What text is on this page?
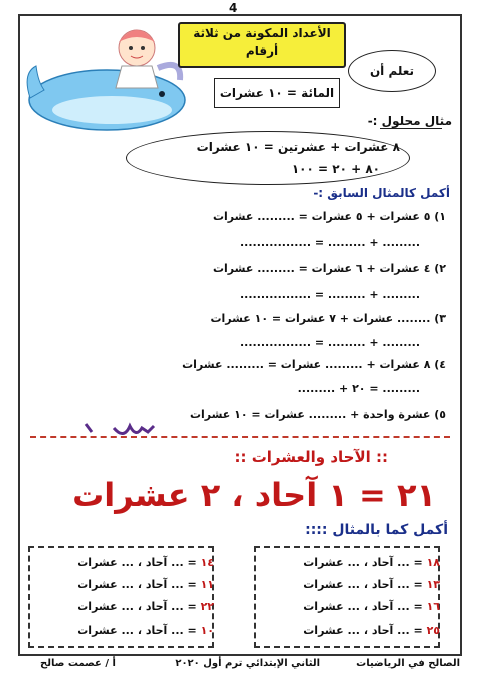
4
الأعداد المكونة من ثلاثة
أرقام
تعلم أن
المائة = ١٠ عشرات
مثال محلول :-
٨ عشرات + عشرتين = ١٠ عشرات
٨٠ + ٢٠ = ١٠٠
أكمل كالمثال السابق :-
١) ٥ عشرات + ٥ عشرات = ......... عشرات
......... + ......... = .................
٢) ٤ عشرات + ٦ عشرات = ......... عشرات
......... + ......... = .................
٣) ........ عشرات + ٧ عشرات = ١٠ عشرات
......... + ......... = .................
٤) ٨ عشرات + ......... عشرات = ......... عشرات
......... = ٢٠ + .........
٥) عشرة واحدة + ......... عشرات = ١٠ عشرات
:: الآحاد والعشرات ::
٢١ = ١ آحاد ، ٢ عشرات
أكمل كما بالمثال ::::
١٨ = ... آحاد ، ... عشرات
١٣ = ... آحاد ، ... عشرات
١٦ = ... آحاد ، ... عشرات
٢٥ = ... آحاد ، ... عشرات
١٤ = ... آحاد ، ... عشرات
١١ = ... آحاد ، ... عشرات
٢٢ = ... آحاد ، ... عشرات
١٠ = ... آحاد ، ... عشرات
الصالح في الرياضيات
الثاني الإبتدائي ترم أول ٢٠٢٠
أ / عصمت صالح
